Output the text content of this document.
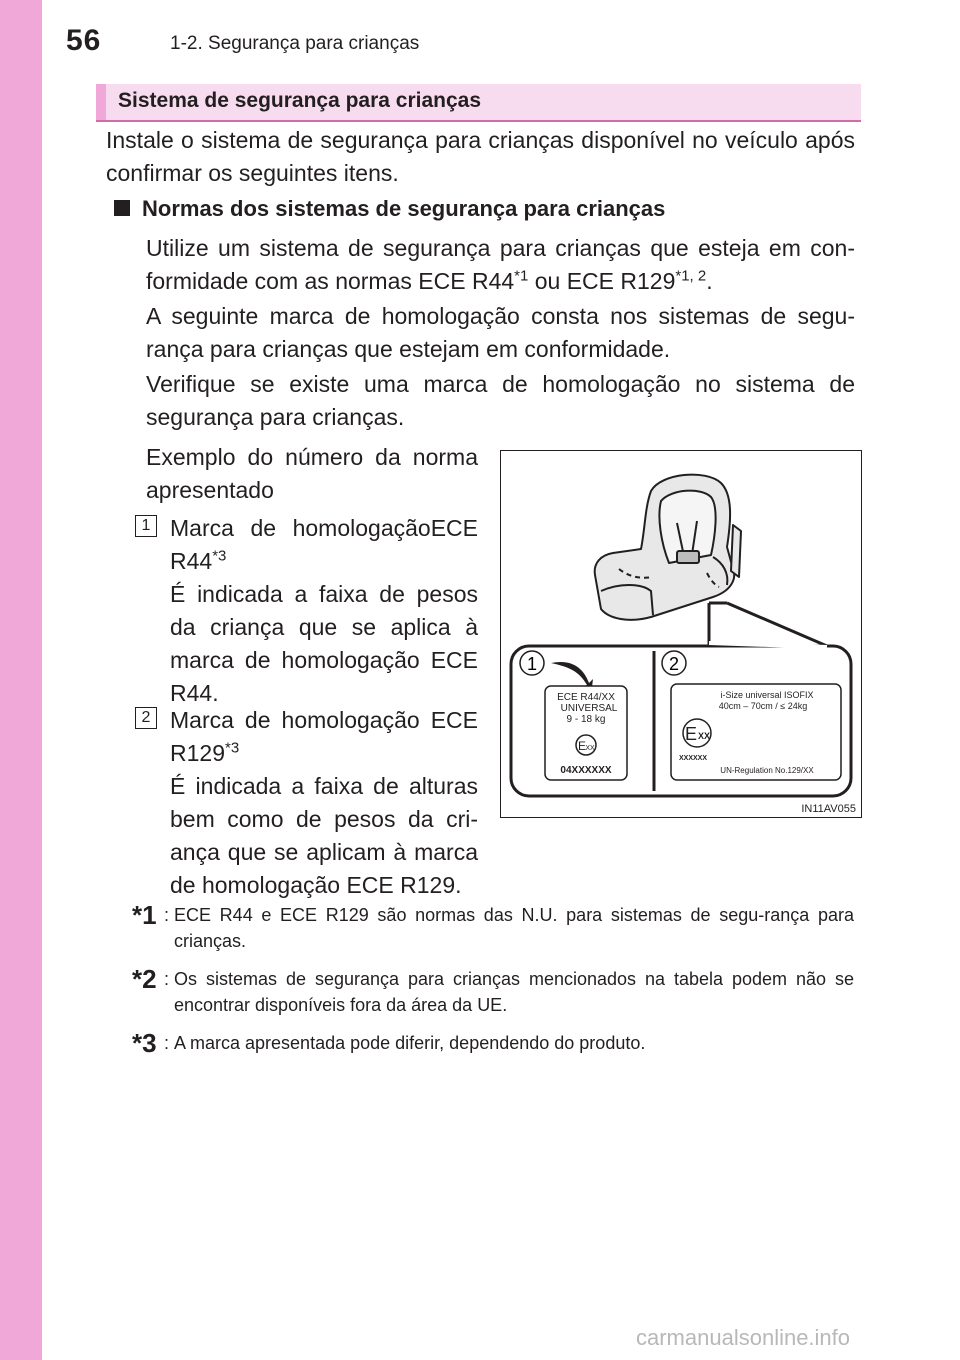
56	1-2. Segurança para crianças
Sistema de segurança para crianças

Instale o sistema de segurança para crianças disponível no veículo após confirmar os seguintes itens.

Normas dos sistemas de segurança para crianças

Utilize um sistema de segurança para crianças que esteja em con-formidade com as normas ECE R44$^{*1}$ ou ECE R129$^{*1, 2}$.

A seguinte marca de homologação consta nos sistemas de segu-rança para crianças que estejam em conformidade.

Verifique se existe uma marca de homologação no sistema de segurança para crianças.

Exemplo do número da norma apresentado

1 Marca de homologaçãoECE R44$^{*3}$
É indicada a faixa de pesos da criança que se aplica à marca de homologação ECE R44.

2 Marca de homologação ECE R129$^{*3}$
É indicada a faixa de alturas bem como de pesos da cri-ança que se aplicam à marca de homologação ECE R129.

1	2
ECE R44/XX
UNIVERSAL
9 - 18 kg
E XX
04XXXXXX
i-Size universal ISOFIX
40cm – 70cm / ≤ 24kg
E XX
XXXXXX
UN-Regulation No.129/XX
IN11AV055
*1 : ECE R44 e ECE R129 são normas das N.U. para sistemas de segu-rança para crianças.
*2 : Os sistemas de segurança para crianças mencionados na tabela podem não se encontrar disponíveis fora da área da UE.
*3 : A marca apresentada pode diferir, dependendo do produto.
carmanualsonline.info
